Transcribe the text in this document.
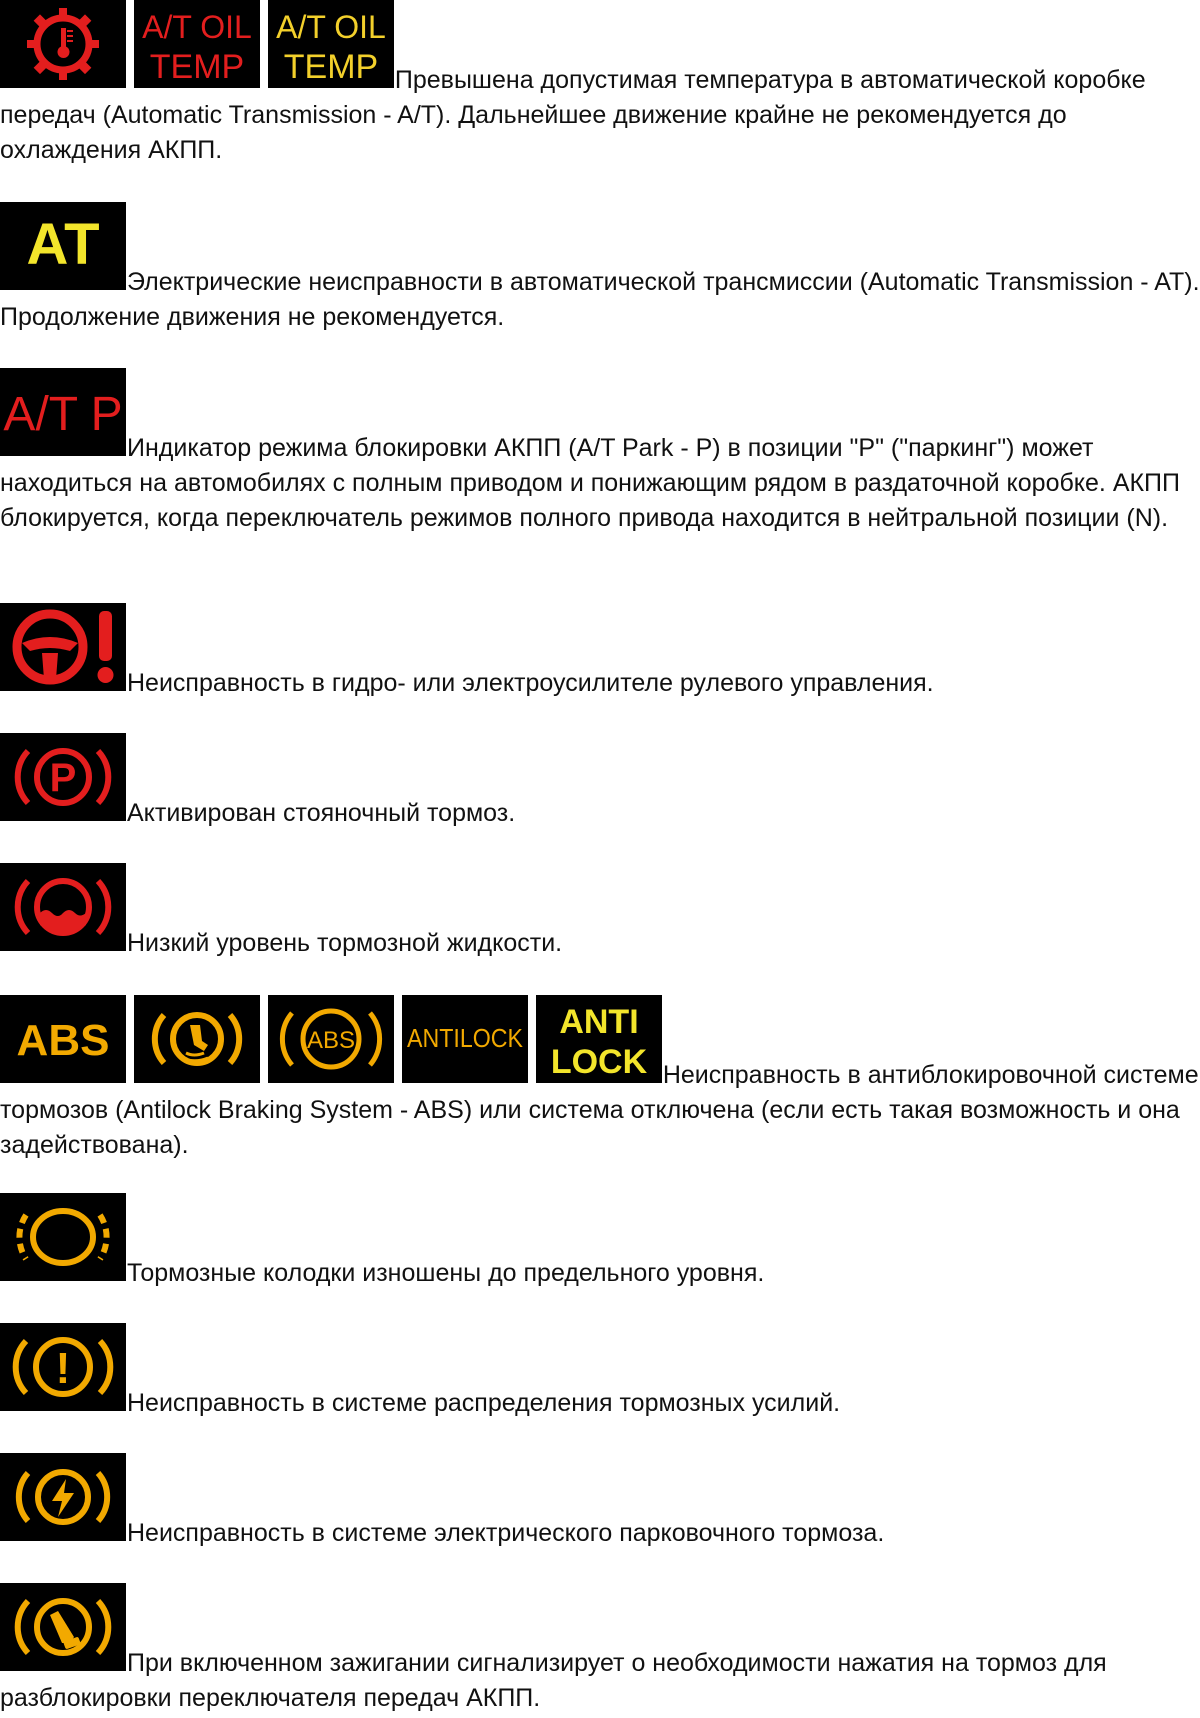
A/T OIL
TEMP

A/T OIL
TEMP Превышена допустимая температура в автоматической коробке передач (Automatic Transmission - A/T). Дальнейшее движение крайне не рекомендуется до охлаждения АКПП.
AT
Электрические неисправности в автоматической трансмиссии (Automatic Transmission - AT). Продолжение движения не рекомендуется.
A/T P
Индикатор режима блокировки АКПП (A/T Park - P) в позиции "P" ("паркинг") может находиться на автомобилях с полным приводом и понижающим рядом в раздаточной коробке. АКПП блокируется, когда переключатель режимов полного привода находится в нейтральной позиции (N).
Неисправность в гидро- или электроусилителе рулевого управления.
P
Активирован стояночный тормоз.
Низкий уровень тормозной жидкости.
ABS

	ABS
ANTILOCK
ANTI
LOCK Неисправность в антиблокировочной системе тормозов (Antilock Braking System - ABS) или система отключена (если есть такая возможность и она задействована).
Тормозные колодки изношены до предельного уровня.
!
Неисправность в системе распределения тормозных усилий.
Неисправность в системе электрического парковочного тормоза.
При включенном зажигании сигнализирует о необходимости нажатия на тормоз для разблокировки переключателя передач АКПП.
